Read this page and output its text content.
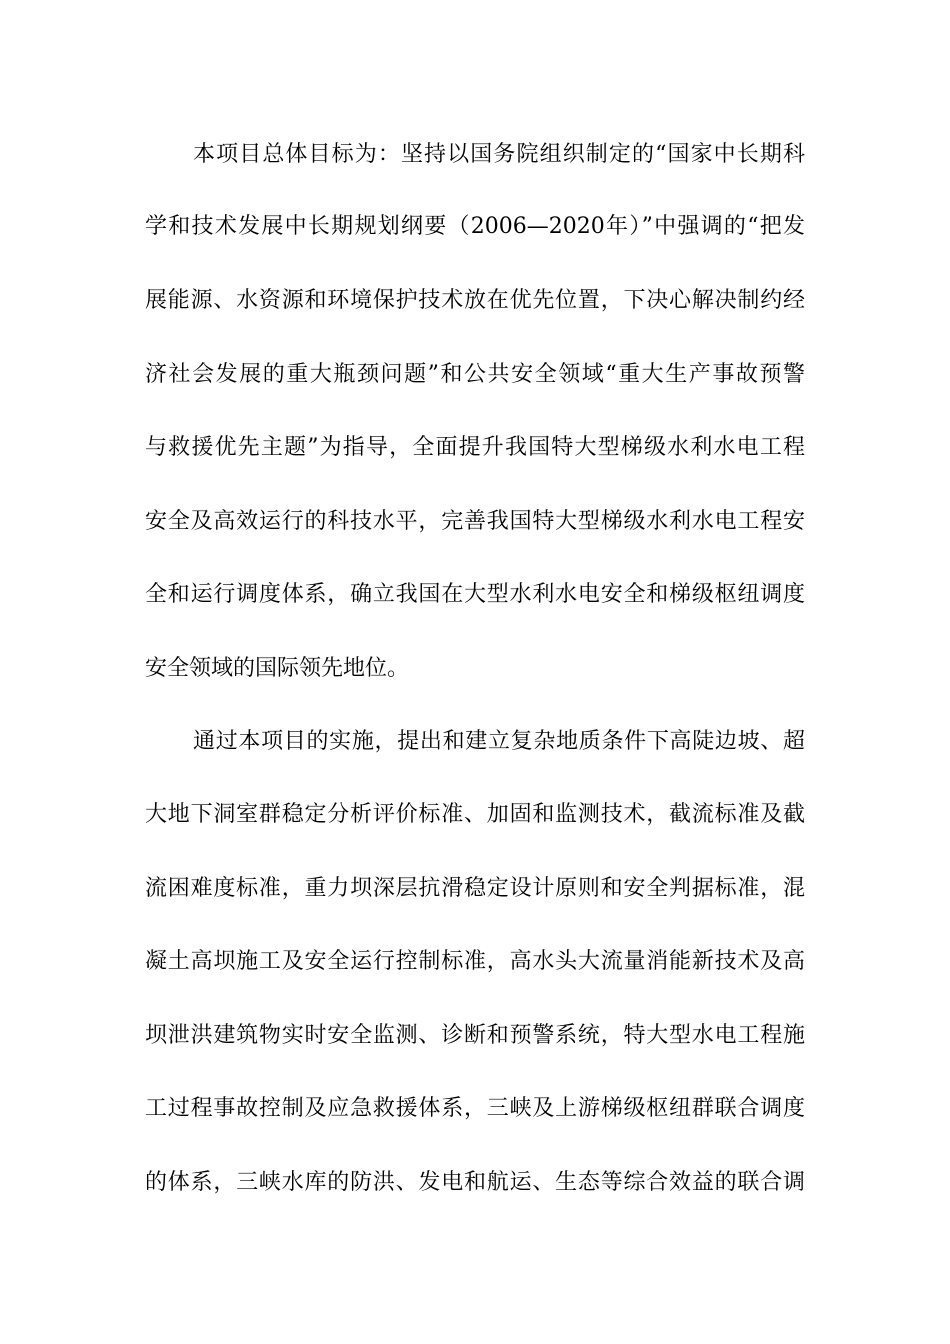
本项目总体目标为：坚持以国务院组织制定的“国家中长期科
学和技术发展中长期规划纲要（2006—2020年）”中强调的“把发
展能源、水资源和环境保护技术放在优先位置，下决心解决制约经
济社会发展的重大瓶颈问题”和公共安全领域“重大生产事故预警
与救援优先主题”为指导，全面提升我国特大型梯级水利水电工程
安全及高效运行的科技水平，完善我国特大型梯级水利水电工程安
全和运行调度体系，确立我国在大型水利水电安全和梯级枢纽调度
安全领域的国际领先地位。
通过本项目的实施，提出和建立复杂地质条件下高陡边坡、超
大地下洞室群稳定分析评价标准、加固和监测技术，截流标准及截
流困难度标准，重力坝深层抗滑稳定设计原则和安全判据标准，混
凝土高坝施工及安全运行控制标准，高水头大流量消能新技术及高
坝泄洪建筑物实时安全监测、诊断和预警系统，特大型水电工程施
工过程事故控制及应急救援体系，三峡及上游梯级枢纽群联合调度
的体系，三峡水库的防洪、发电和航运、生态等综合效益的联合调
